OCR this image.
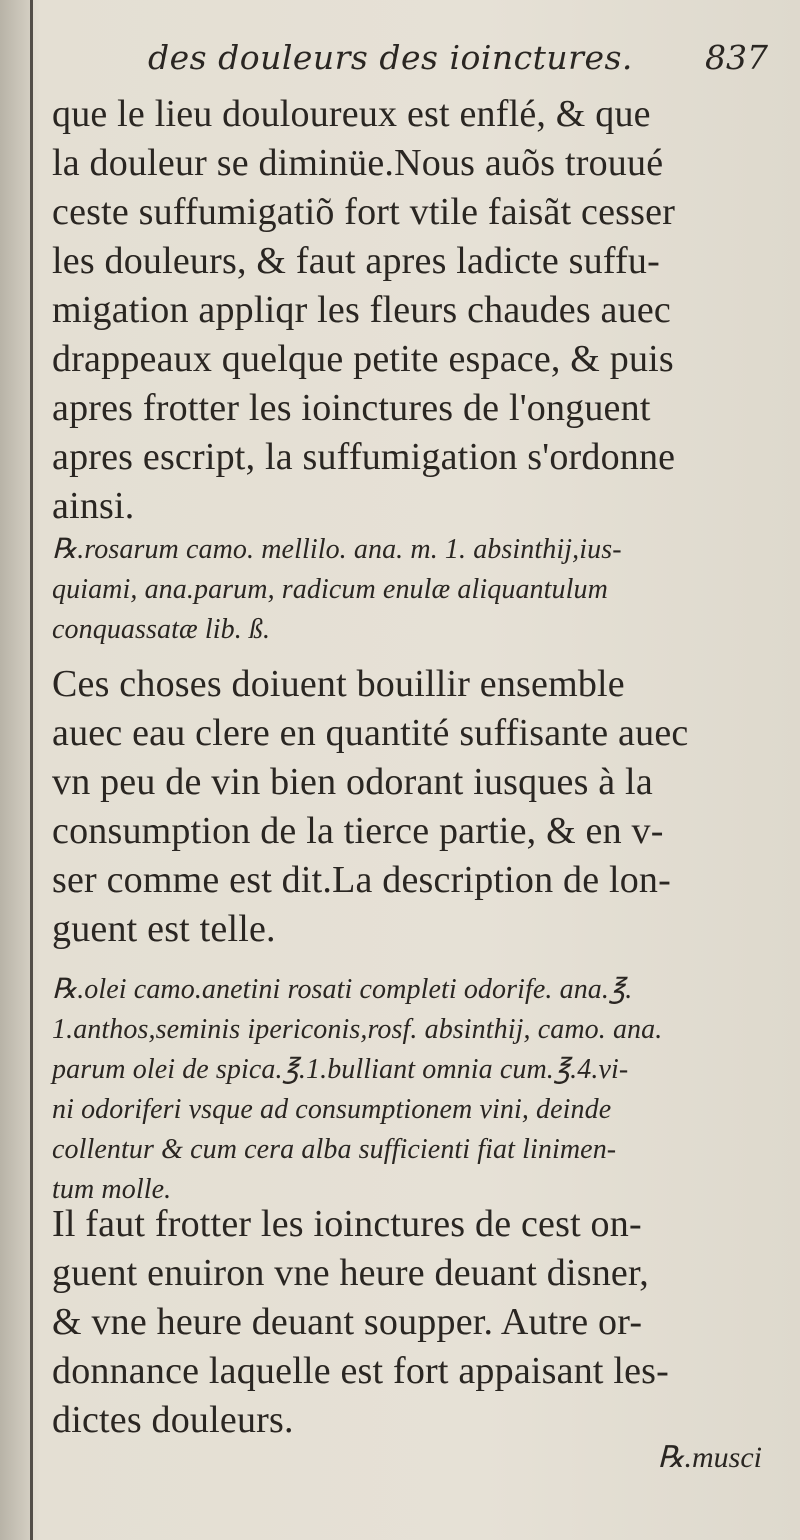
des douleurs des ioinctures. 837
que le lieu douloureux est enflé, & que
la douleur se diminüe.Nous auõs trouué
ceste suffumigatiõ fort vtile faisãt cesser
les douleurs, & faut apres ladicte suffu-
migation appliqr les fleurs chaudes auec
drappeaux quelque petite espace, & puis
apres frotter les ioinctures de l'onguent
apres escript, la suffumigation s'ordonne
ainsi.
℞.rosarum camo. mellilo. ana. m. 1. absinthij,ius-
quiami, ana.parum, radicum enulæ aliquantulum
conquassatæ lib. ß.
Ces choses doiuent bouillir ensemble
auec eau clere en quantité suffisante auec
vn peu de vin bien odorant iusques à la
consumption de la tierce partie, & en v-
ser comme est dit.La description de lon-
guent est telle.
℞.olei camo.anetini rosati completi odorife. ana.℥.
1.anthos,seminis ipericonis,rosf. absinthij, camo. ana.
parum olei de spica.℥.1.bulliant omnia cum.℥.4.vi-
ni odoriferi vsque ad consumptionem vini, deinde
collentur & cum cera alba sufficienti fiat linimen-
tum molle.
Il faut frotter les ioinctures de cest on-
guent enuiron vne heure deuant disner,
& vne heure deuant soupper. Autre or-
donnance laquelle est fort appaisant les-
dictes douleurs.
℞.musci
